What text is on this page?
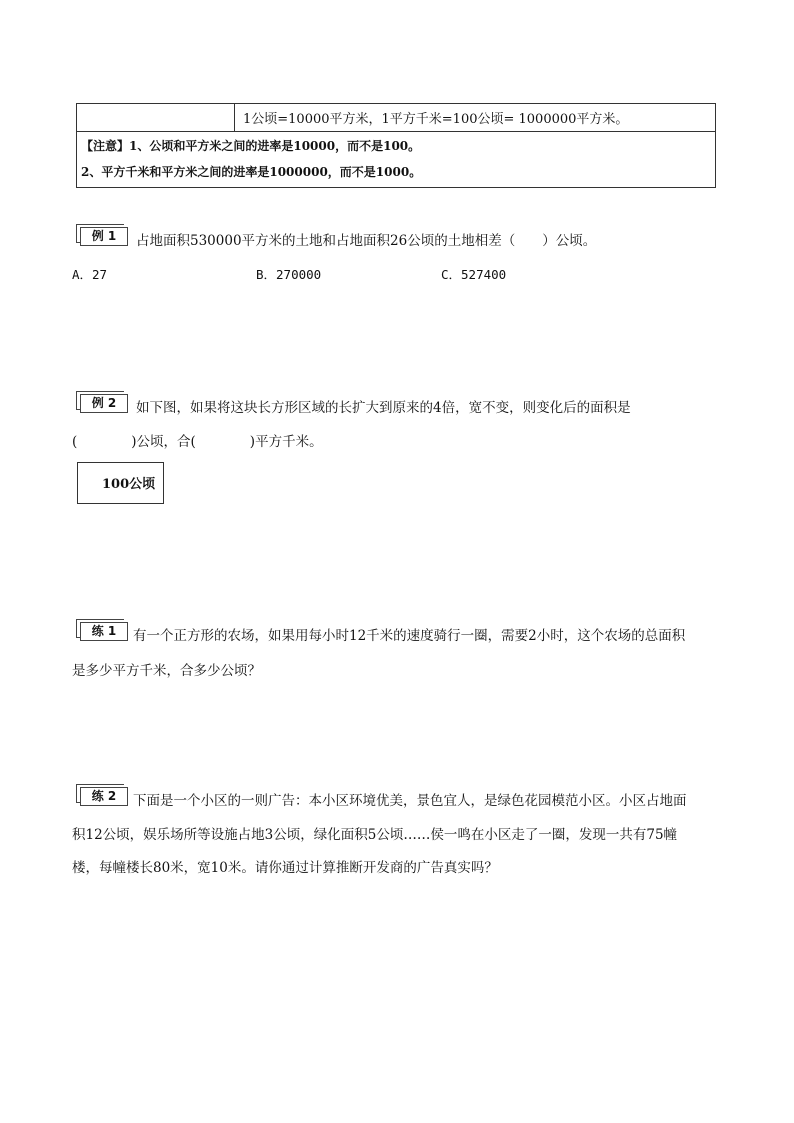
1公顷=10000平方米，1平方千米=100公顷= 1000000平方米。
【注意】1、公顷和平方米之间的进率是10000，而不是100。
2、平方千米和平方米之间的进率是1000000，而不是1000。
例 1	占地面积530000平方米的土地和占地面积26公顷的土地相差（　　）公顷。
A．27	B．270000	C．527400
例 2	如下图，如果将这块长方形区域的长扩大到原来的4倍，宽不变，则变化后的面积是
(　　　　)公顷，合(　　　　)平方千米。
100公顷
练 1	有一个正方形的农场，如果用每小时12千米的速度骑行一圈，需要2小时，这个农场的总面积
是多少平方千米，合多少公顷？
练 2	下面是一个小区的一则广告：本小区环境优美，景色宜人，是绿色花园模范小区。小区占地面
积12公顷，娱乐场所等设施占地3公顷，绿化面积5公顷……侯一鸣在小区走了一圈，发现一共有75幢
楼，每幢楼长80米，宽10米。请你通过计算推断开发商的广告真实吗？
